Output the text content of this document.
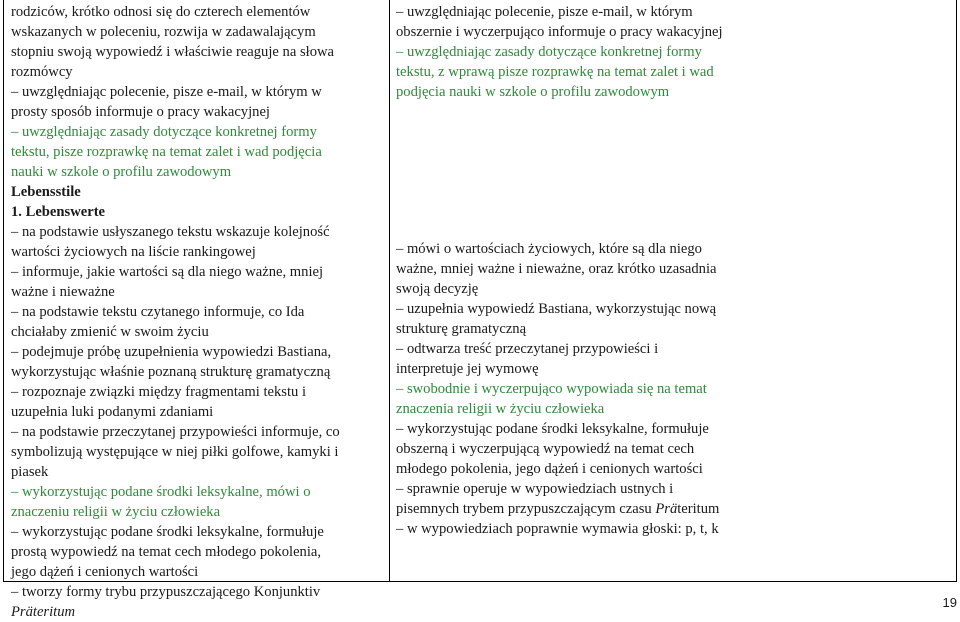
rodziców, krótko odnosi się do czterech elementów
wskazanych w poleceniu, rozwija w zadawalającym
stopniu swoją wypowiedź i właściwie reaguje na słowa
rozmówcy
– uwzględniając polecenie, pisze e-mail, w którym w
prosty sposób informuje o pracy wakacyjnej
– uwzględniając zasady dotyczące konkretnej formy
tekstu, pisze rozprawkę na temat zalet i wad podjęcia
nauki w szkole o profilu zawodowym
Lebensstile
1. Lebenswerte
– na podstawie usłyszanego tekstu wskazuje kolejność
wartości życiowych na liście rankingowej
– informuje, jakie wartości są dla niego ważne, mniej
ważne i nieważne
– na podstawie tekstu czytanego informuje, co Ida
chciałaby zmienić w swoim życiu
– podejmuje próbę uzupełnienia wypowiedzi Bastiana,
wykorzystując właśnie poznaną strukturę gramatyczną
– rozpoznaje związki między fragmentami tekstu i
uzupełnia luki podanymi zdaniami
– na podstawie przeczytanej przypowieści informuje, co
symbolizują występujące w niej piłki golfowe, kamyki i
piasek
– wykorzystując podane środki leksykalne, mówi o
znaczeniu religii w życiu człowieka
– wykorzystując podane środki leksykalne, formułuje
prostą wypowiedź na temat cech młodego pokolenia,
jego dążeń i cenionych wartości
– tworzy formy trybu przypuszczającego Konjunktiv
Präteritum
– uwzględniając polecenie, pisze e-mail, w którym
obszernie i wyczerpująco informuje o pracy wakacyjnej
– uwzględniając zasady dotyczące konkretnej formy
tekstu, z wprawą pisze rozprawkę na temat zalet i wad
podjęcia nauki w szkole o profilu zawodowym
– mówi o wartościach życiowych, które są dla niego
ważne, mniej ważne i nieważne, oraz krótko uzasadnia
swoją decyzję
– uzupełnia wypowiedź Bastiana, wykorzystując nową
strukturę gramatyczną
– odtwarza treść przeczytanej przypowieści i
interpretuje jej wymowę
– swobodnie i wyczerpująco wypowiada się na temat
znaczenia religii w życiu człowieka
– wykorzystując podane środki leksykalne, formułuje
obszerną i wyczerpującą wypowiedź na temat cech
młodego pokolenia, jego dążeń i cenionych wartości
– sprawnie operuje w wypowiedziach ustnych i
pisemnych trybem przypuszczającym czasu Präteritum
– w wypowiedziach poprawnie wymawia głoski: p, t, k
19
